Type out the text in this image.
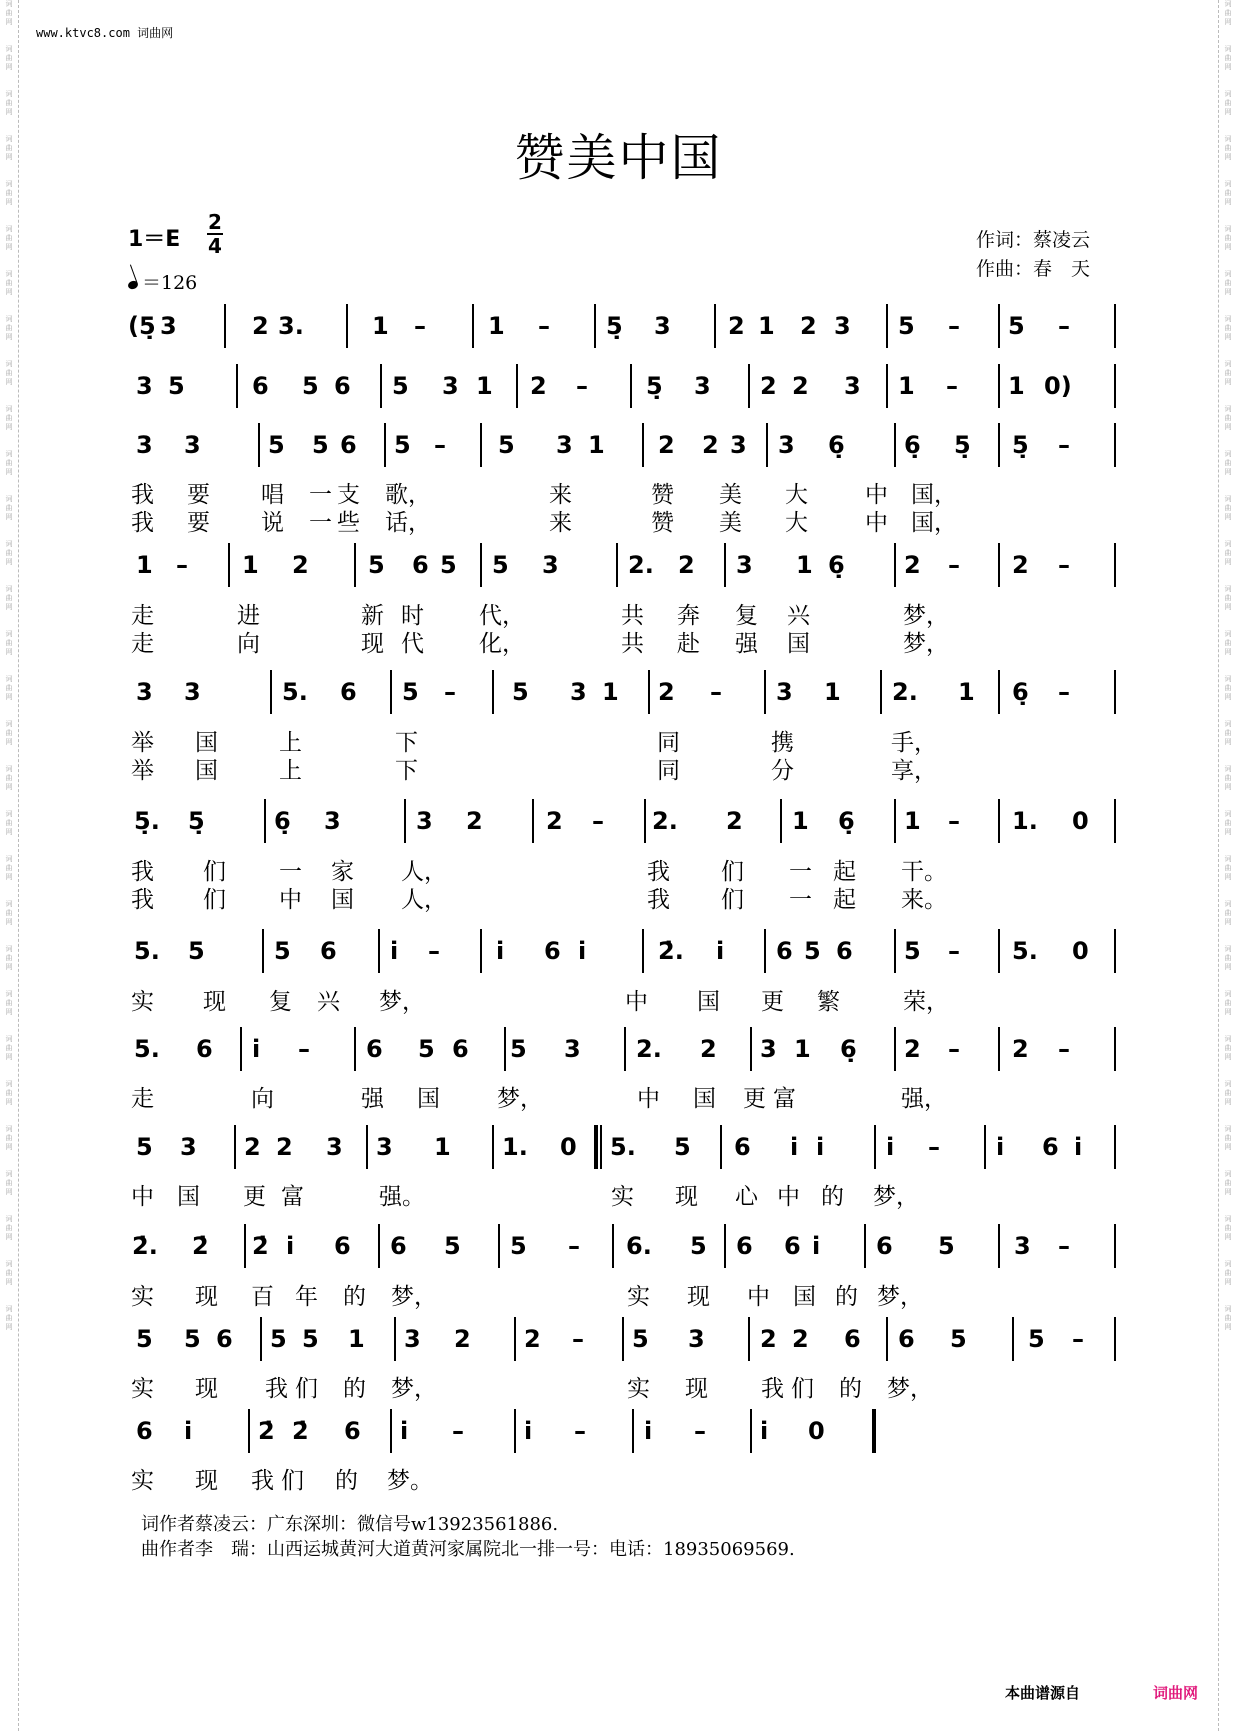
词
曲
网

词
曲
网

词
曲
网

词
曲
网

词
曲
网

词
曲
网

词
曲
网

词
曲
网

词
曲
网

词
曲
网

词
曲
网

词
曲
网

词
曲
网

词
曲
网

词
曲
网

词
曲
网

词
曲
网

词
曲
网

词
曲
网

词
曲
网

词
曲
网

词
曲
网

词
曲
网

词
曲
网

词
曲
网

词
曲
网

词
曲
网

词
曲
网

词
曲
网

词
曲
网

词
曲
网

词
曲
网

词
曲
网

词
曲
网

词
曲
网

词
曲
网

词
曲
网

词
曲
网

词
曲
网

词
曲
网

词
曲
网

词
曲
网

词
曲
网

词
曲
网

词
曲
网

词
曲
网

词
曲
网

词
曲
网

词
曲
网

词
曲
网

词
曲
网

词
曲
网

词
曲
网

词
曲
网

词
曲
网

词
曲
网

词
曲
网

词
曲
网

词
曲
网

词
曲
网

www.ktvc8.com 词曲网
赞美中国
1＝E
2
4
＝126
作词：蔡凌云
作曲：春　天
(5̣ 3	2 3.	1 –	1 – 5̣ 3 2 1 2 3 5 – 5 –
3 5	6 5 6 5 3 1 2 – 5̣ 3 2 2 3 1 – 1 0)
3 3	5 5 6 5 – 5 3 1 2 2 3 3 6̣ 6̣ 5̣ 5̣ –
1 – 1 2 5 6 5 5 3	2. 2 3 1 6̣ 2 – 2 –
3 3	5. 6 5 – 5 3 1 2 – 3 1 2. 1 6̣ –
5̣. 5̣	6̣ 3	3 2	2 – 2. 2 1 6̣ 1 – 1. 0
5. 5	5 6 i̇ – i̇ 6 i̇	2̇. i̇ 6 5 6 5 – 5. 0
5. 6 i̇ – 6 5 6 5 3 2. 2 3 1 6̣ 2 – 2 –
5 3 2 2 3 3 1 1. 0 5. 5 6 i̇ i̇	i̇ – i̇ 6 i̇
2̇. 2̇ 2̇ i̇ 6 6 5 5 – 6. 5 6 6 i̇ 6 5 3 –
5 5 6 5 5 1 3 2 2 – 5 3 2 2 6 6 5	5 –
6 i̇	2̇ 2̇ 6 i̇ –	i̇ – i̇ – i̇ 0
我 要 唱 一 支 歌，	来	赞 美 大 中 国，
我 要 说 一 些 话，	来	赞 美 大 中 国，
走	进	新 时 代，	共 奔 复 兴	梦，
走	向	现 代 化，	共 赴 强 国	梦，
举 国	上	下	同	携	手，
举 国	上	下	同	分	享，
我 们 一 家 人，	我 们 一 起 干。
我 们 中 国 人，	我 们 一 起 来。
实 现 复 兴 梦，	中 国 更 繁	荣，
走	向	强 国 梦，	中 国 更 富	强，
中 国 更 富	强。	实 现 心 中 的 梦，
实 现 百 年 的 梦，	实 现 中 国 的 梦，
实 现 我 们 的 梦，	实 现 我 们 的 梦，
实 现 我 们 的 梦。
词作者蔡凌云：广东深圳：微信号w13923561886.
曲作者李　瑞：山西运城黄河大道黄河家属院北一排一号：电话：18935069569.
本曲谱源自	词曲网
